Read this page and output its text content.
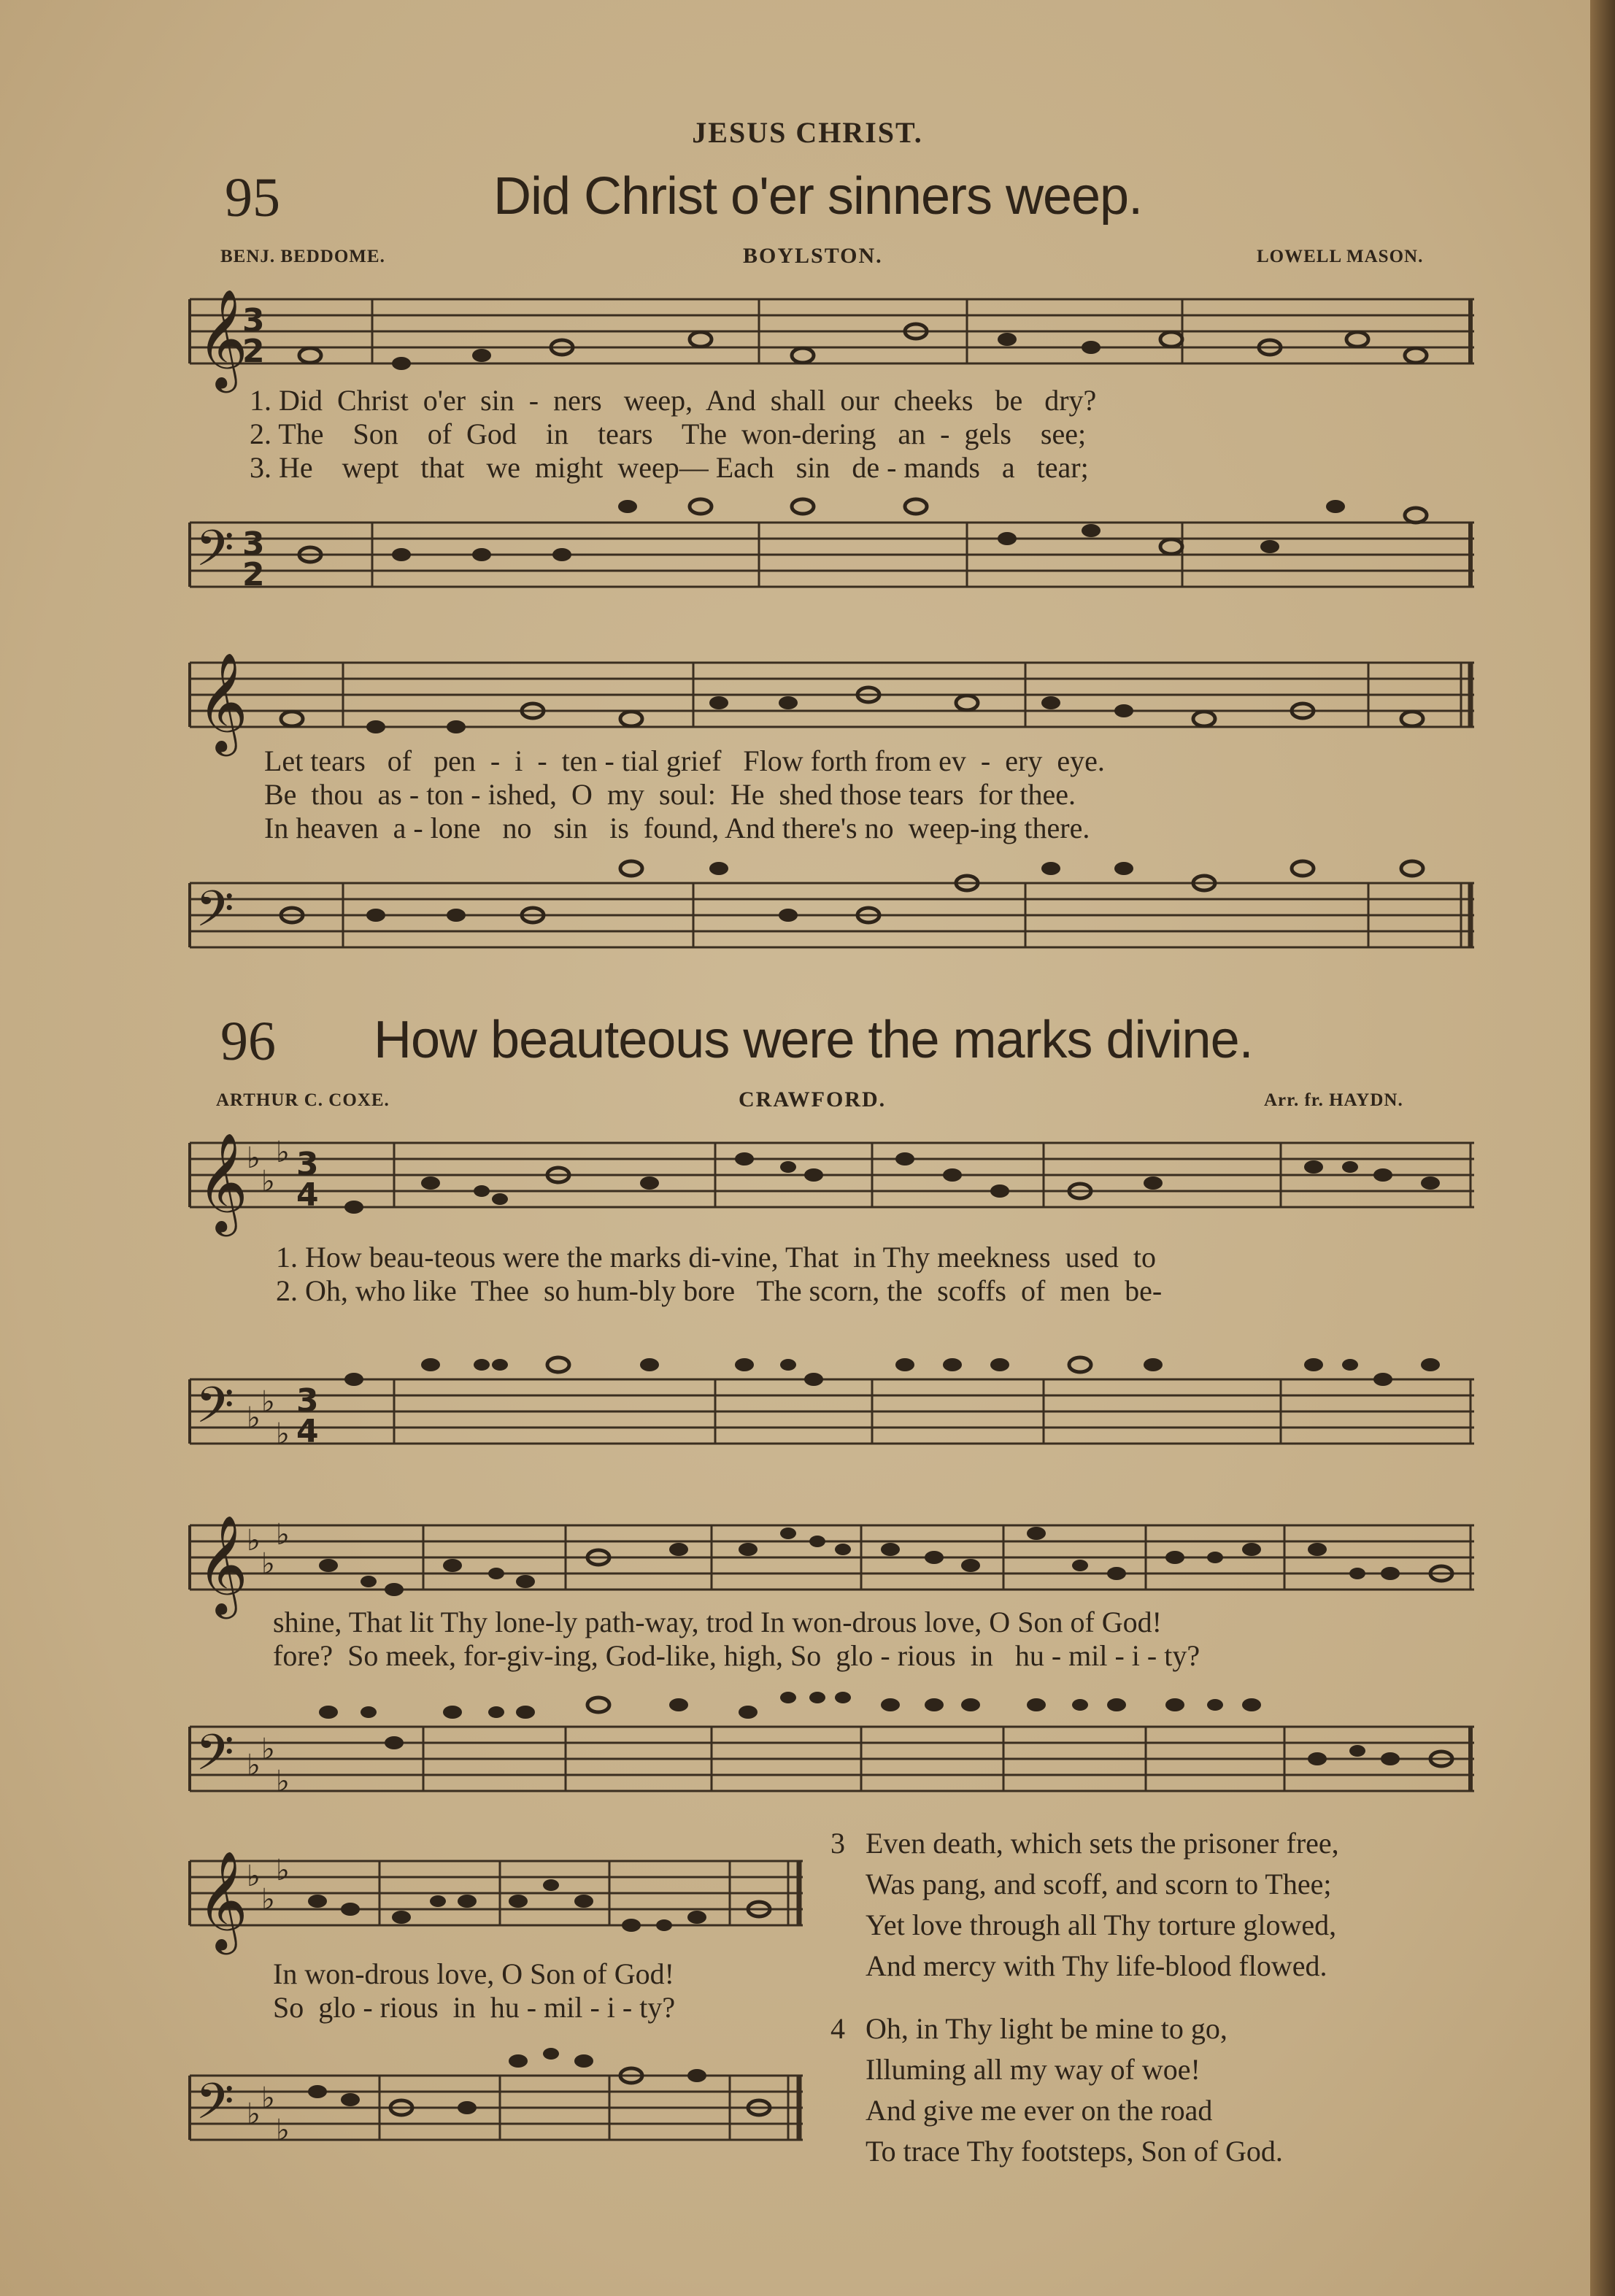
JESUS CHRIST.
95	Did Christ o'er sinners weep.
BENJ. BEDDOME.	BOYLSTON.	LOWELL MASON.
𝄞
3
2
1. Did  Christ  o'er  sin  -  ners   weep,  And  shall  our  cheeks   be   dry?
2. The    Son    of  God    in    tears    The  won-dering   an  -  gels    see;
3. He    wept   that   we  might  weep— Each   sin   de - mands   a   tear;
𝄢 3
2
𝄞
Let tears   of   pen  -  i  -  ten - tial grief   Flow forth from ev  -  ery  eye.
Be  thou  as - ton - ished,  O  my  soul:  He  shed those tears  for thee.
In heaven  a - lone   no   sin   is  found, And there's no  weep-ing there.
𝄢
96 How beauteous were the marks divine.
ARTHUR C. COXE.	CRAWFORD.	Arr. fr. HAYDN.
𝄞
♭
♭
♭ 3
4
1. How beau-teous were the marks di-vine, That  in Thy meekness  used  to
2. Oh, who like  Thee  so hum-bly bore   The scorn, the  scoffs  of  men  be-
𝄢 ♭ ♭
♭
3
4
𝄞
♭
♭
♭
shine, That lit Thy lone-ly path-way, trod In won-drous love, O Son of God!
fore?  So meek, for-giv-ing, God-like, high, So  glo - rious  in   hu - mil - i - ty?
𝄢 ♭ ♭
♭
𝄞
♭
♭
♭
In won-drous love, O Son of God!
So  glo - rious  in  hu - mil - i - ty?
𝄢 ♭ ♭
♭
3 Even death, which sets the prisoner free,
Was pang, and scoff, and scorn to Thee;
Yet love through all Thy torture glowed,
And mercy with Thy life-blood flowed.
4 Oh, in Thy light be mine to go,
Illuming all my way of woe!
And give me ever on the road
To trace Thy footsteps, Son of God.
